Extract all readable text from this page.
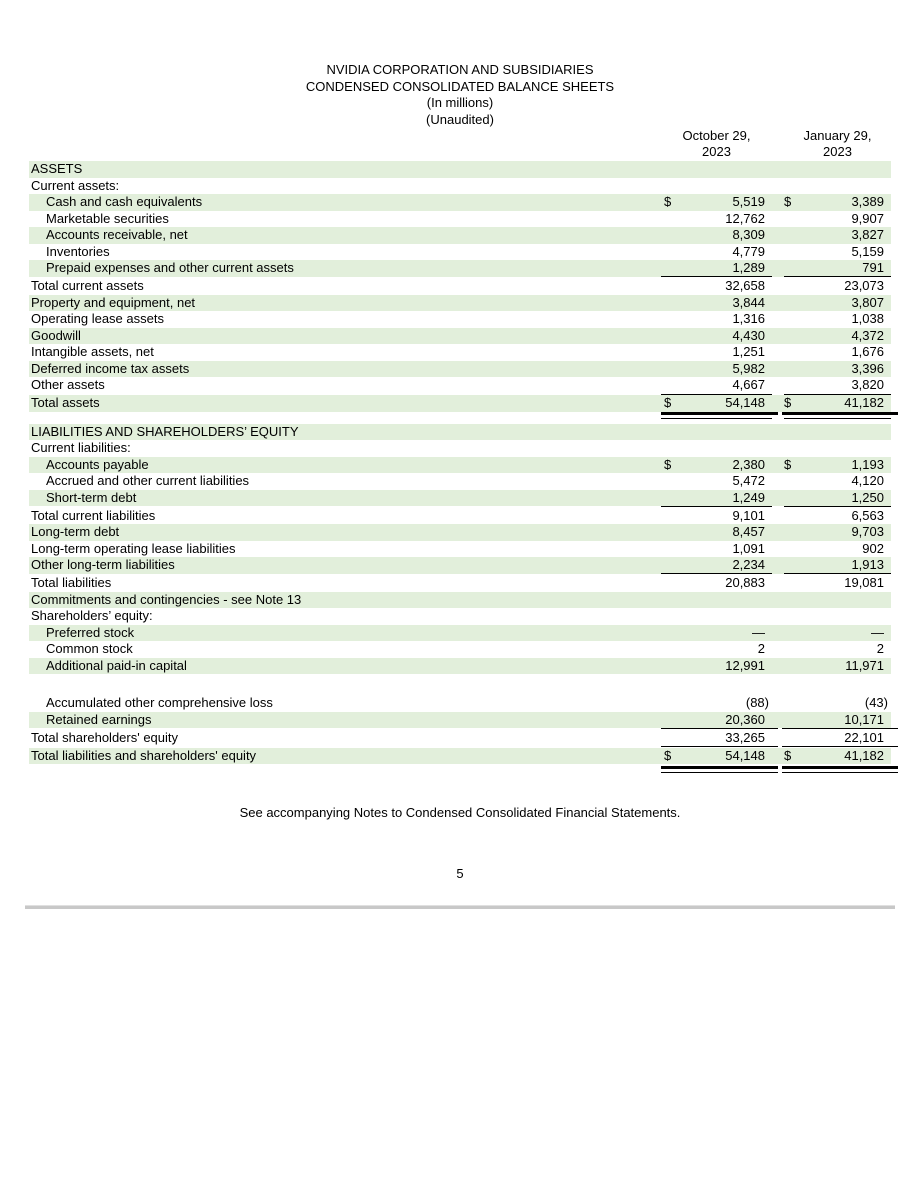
NVIDIA CORPORATION AND SUBSIDIARIES
CONDENSED CONSOLIDATED BALANCE SHEETS
(In millions)
(Unaudited)
October 29,
2023
January 29,
2023
ASSETS
Current assets:
Cash and cash equivalents	$	5,519 $	3,389
Marketable securities	12,762	9,907
Accounts receivable, net	8,309	3,827
Inventories	4,779	5,159
Prepaid expenses and other current assets	1,289	791
Total current assets	32,658	23,073
Property and equipment, net	3,844	3,807
Operating lease assets	1,316	1,038
Goodwill	4,430	4,372
Intangible assets, net	1,251	1,676
Deferred income tax assets	5,982	3,396
Other assets	4,667	3,820
Total assets	$	54,148 $	41,182
LIABILITIES AND SHAREHOLDERS’ EQUITY
Current liabilities:
Accounts payable	$	2,380 $	1,193
Accrued and other current liabilities	5,472	4,120
Short-term debt	1,249	1,250
Total current liabilities	9,101	6,563
Long-term debt	8,457	9,703
Long-term operating lease liabilities	1,091	902
Other long-term liabilities	2,234	1,913
Total liabilities	20,883	19,081
Commitments and contingencies - see Note 13
Shareholders’ equity:
Preferred stock	—	—
Common stock	2	2
Additional paid-in capital	12,991	11,971
Accumulated other comprehensive loss	(88)	(43)
Retained earnings	20,360	10,171
Total shareholders' equity	33,265	22,101
Total liabilities and shareholders' equity	$	54,148 $	41,182
See accompanying Notes to Condensed Consolidated Financial Statements.
5
